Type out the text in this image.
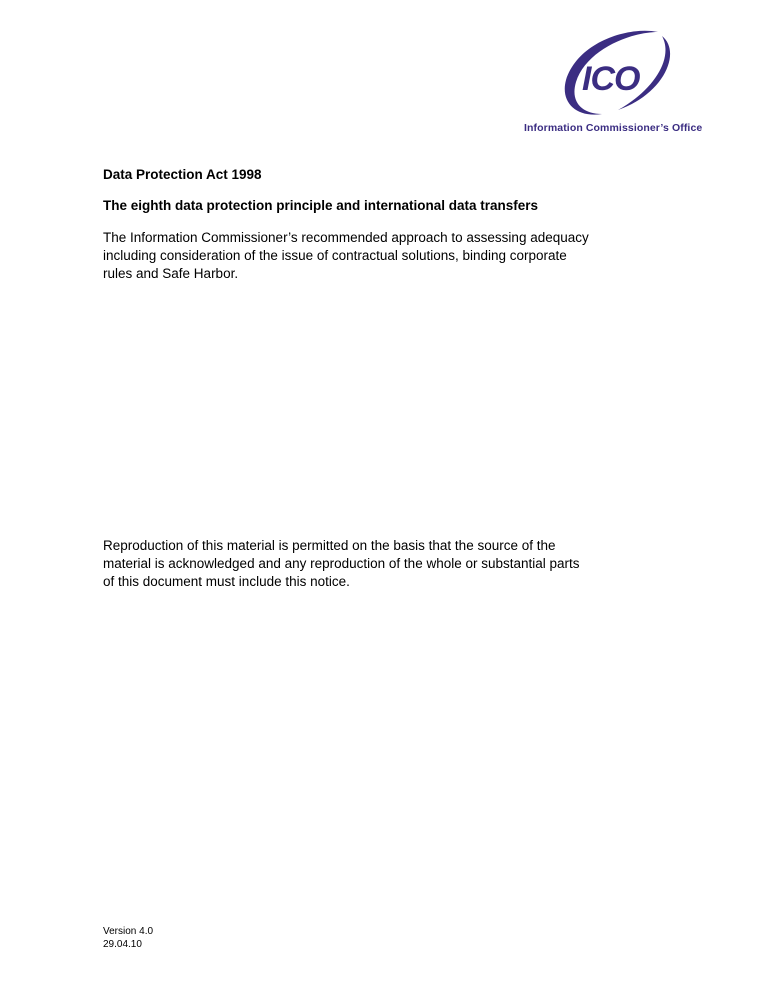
ICO
Information Commissioner’s Office

Data Protection Act 1998

The eighth data protection principle and international data transfers

The Information Commissioner’s recommended approach to assessing adequacy
including consideration of the issue of contractual solutions, binding corporate
rules and Safe Harbor.

Reproduction of this material is permitted on the basis that the source of the
material is acknowledged and any reproduction of the whole or substantial parts
of this document must include this notice.

Version 4.0
29.04.10
